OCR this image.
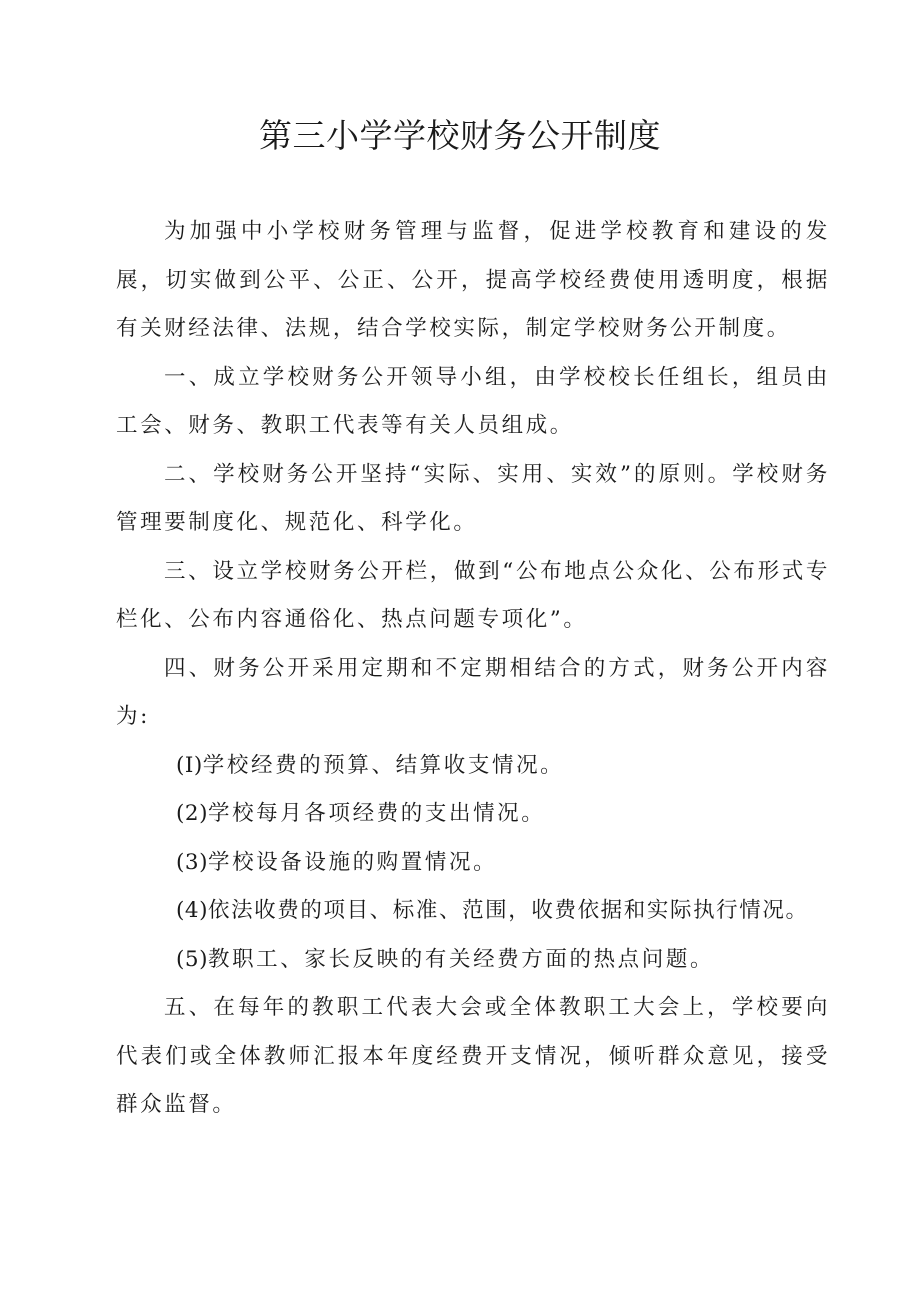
第三小学学校财务公开制度

为加强中小学校财务管理与监督，促进学校教育和建设的发展，切实做到公平、公正、公开，提高学校经费使用透明度，根据有关财经法律、法规，结合学校实际，制定学校财务公开制度。

一、成立学校财务公开领导小组，由学校校长任组长，组员由工会、财务、教职工代表等有关人员组成。

二、学校财务公开坚持“实际、实用、实效”的原则。学校财务管理要制度化、规范化、科学化。

三、设立学校财务公开栏，做到“公布地点公众化、公布形式专栏化、公布内容通俗化、热点问题专项化”。

四、财务公开采用定期和不定期相结合的方式，财务公开内容为:

(I)学校经费的预算、结算收支情况。

(2)学校每月各项经费的支出情况。

(3)学校设备设施的购置情况。

(4)依法收费的项目、标准、范围，收费依据和实际执行情况。

(5)教职工、家长反映的有关经费方面的热点问题。

五、在每年的教职工代表大会或全体教职工大会上，学校要向代表们或全体教师汇报本年度经费开支情况，倾听群众意见，接受群众监督。
